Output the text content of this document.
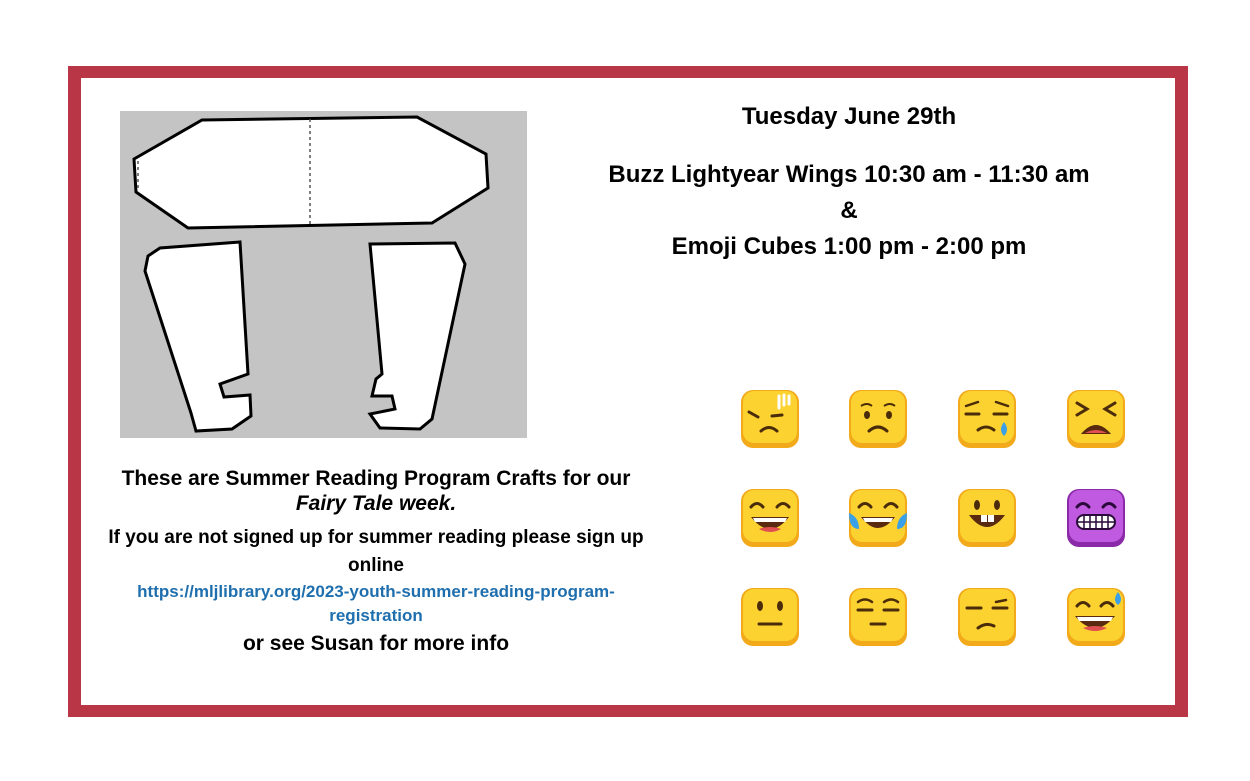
Tuesday June 29th
Buzz Lightyear Wings 10:30 am - 11:30 am
&
Emoji Cubes 1:00 pm - 2:00 pm
These are Summer Reading Program Crafts for our
Fairy Tale week.
If you are not signed up for summer reading please sign up online
https://mljlibrary.org/2023-youth-summer-reading-program-registration
or see Susan for more info
